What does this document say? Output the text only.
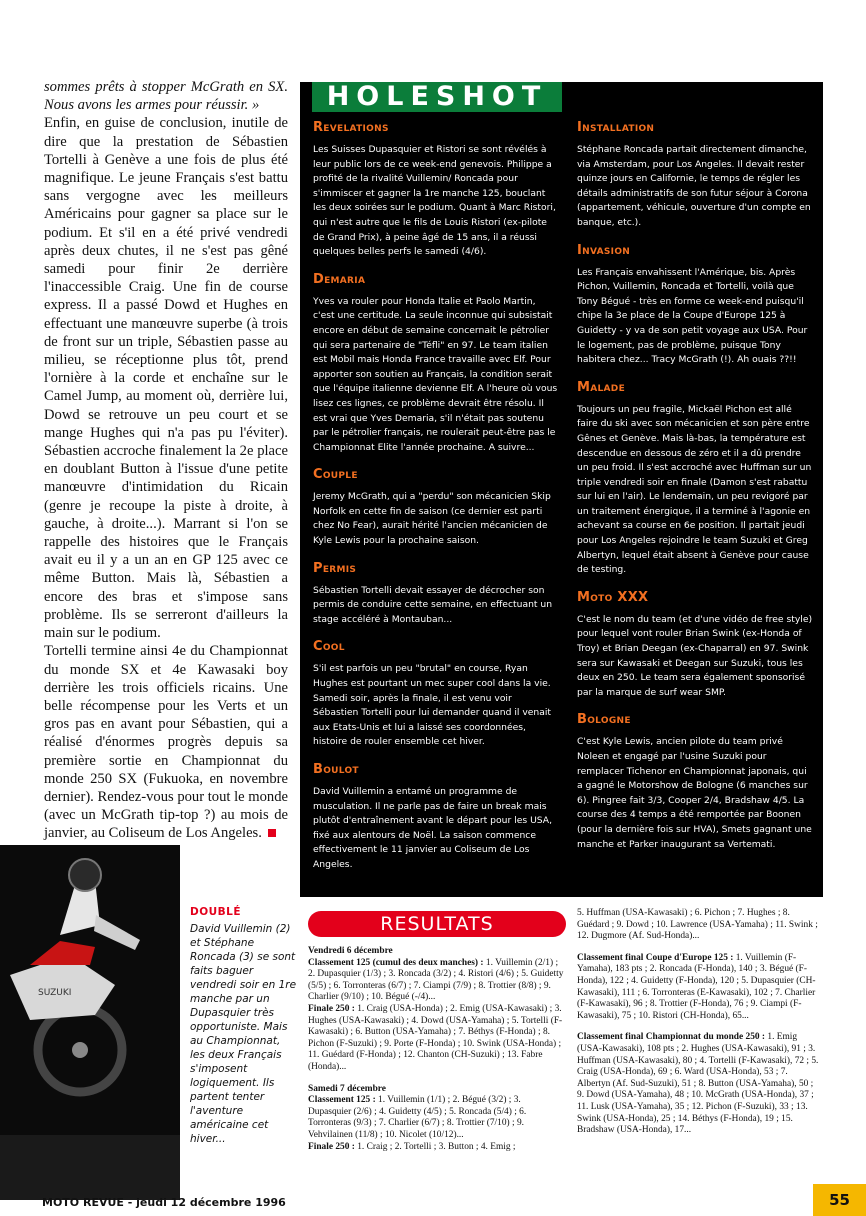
sommes prêts à stopper McGrath en SX. Nous avons les armes pour réussir. »

Enfin, en guise de conclusion, inutile de dire que la prestation de Sébastien Tortelli à Genève a une fois de plus été magnifique. Le jeune Français s'est battu sans vergogne avec les meilleurs Américains pour gagner sa place sur le podium. Et s'il en a été privé vendredi après deux chutes, il ne s'est pas gêné samedi pour finir 2e derrière l'inaccessible Craig. Une fin de course express. Il a passé Dowd et Hughes en effectuant une manœuvre superbe (à trois de front sur un triple, Sébastien passe au milieu, se réceptionne plus tôt, prend l'ornière à la corde et enchaîne sur le Camel Jump, au moment où, derrière lui, Dowd se retrouve un peu court et se mange Hughes qui n'a pas pu l'éviter). Sébastien accroche finalement la 2e place en doublant Button à l'issue d'une petite manœuvre d'intimidation du Ricain (genre je recoupe la piste à droite, à gauche, à droite...). Marrant si l'on se rappelle des histoires que le Français avait eu il y a un an en GP 125 avec ce même Button. Mais là, Sébastien a encore des bras et s'impose sans problème. Ils se serreront d'ailleurs la main sur le podium.

Tortelli termine ainsi 4e du Championnat du monde SX et 4e Kawasaki boy derrière les trois officiels ricains. Une belle récompense pour les Verts et un gros pas en avant pour Sébastien, qui a réalisé d'énormes progrès depuis sa première sortie en Championnat du monde 250 SX (Fukuoka, en novembre dernier). Rendez-vous pour tout le monde (avec un McGrath tip-top ?) au mois de janvier, au Coliseum de Los Angeles.

HOLESHOT
Revelations

Les Suisses Dupasquier et Ristori se sont révélés à leur public lors de ce week-end genevois. Philippe a profité de la rivalité Vuillemin/ Roncada pour s'immiscer et gagner la 1re manche 125, bouclant les deux soirées sur le podium. Quant à Marc Ristori, qui n'est autre que le fils de Louis Ristori (ex-pilote de Grand Prix), à peine âgé de 15 ans, il a réussi quelques belles perfs le samedi (4/6).

Demaria

Yves va rouler pour Honda Italie et Paolo Martin, c'est une certitude. La seule inconnue qui subsistait encore en début de semaine concernait le pétrolier qui sera partenaire de "Téfli" en 97. Le team italien est Mobil mais Honda France travaille avec Elf. Pour apporter son soutien au Français, la condition serait que l'équipe italienne devienne Elf. A l'heure où vous lisez ces lignes, ce problème devrait être résolu. Il est vrai que Yves Demaria, s'il n'était pas soutenu par le pétrolier français, ne roulerait peut-être pas le Championnat Elite l'année prochaine. A suivre...

Couple

Jeremy McGrath, qui a "perdu" son mécanicien Skip Norfolk en cette fin de saison (ce dernier est parti chez No Fear), aurait hérité l'ancien mécanicien de Kyle Lewis pour la prochaine saison.

Permis

Sébastien Tortelli devait essayer de décrocher son permis de conduire cette semaine, en effectuant un stage accéléré à Montauban...

Cool

S'il est parfois un peu "brutal" en course, Ryan Hughes est pourtant un mec super cool dans la vie. Samedi soir, après la finale, il est venu voir Sébastien Tortelli pour lui demander quand il venait aux Etats-Unis et lui a laissé ses coordonnées, histoire de rouler ensemble cet hiver.

Boulot

David Vuillemin a entamé un programme de musculation. Il ne parle pas de faire un break mais plutôt d'entraînement avant le départ pour les USA, fixé aux alentours de Noël. La saison commence effectivement le 11 janvier au Coliseum de Los Angeles.

Installation

Stéphane Roncada partait directement dimanche, via Amsterdam, pour Los Angeles. Il devait rester quinze jours en Californie, le temps de régler les détails administratifs de son futur séjour à Corona (appartement, véhicule, ouverture d'un compte en banque, etc.).

Invasion

Les Français envahissent l'Amérique, bis. Après Pichon, Vuillemin, Roncada et Tortelli, voilà que Tony Bégué - très en forme ce week-end puisqu'il chipe la 3e place de la Coupe d'Europe 125 à Guidetty - y va de son petit voyage aux USA. Pour le logement, pas de problème, puisque Tony habitera chez... Tracy McGrath (!). Ah ouais ??!!

Malade

Toujours un peu fragile, Mickaël Pichon est allé faire du ski avec son mécanicien et son père entre Gênes et Genève. Mais là-bas, la température est descendue en dessous de zéro et il a dû prendre un peu froid. Il s'est accroché avec Huffman sur un triple vendredi soir en finale (Damon s'est rabattu sur lui en l'air). Le lendemain, un peu revigoré par un traitement énergique, il a terminé à l'agonie en achevant sa course en 6e position. Il partait jeudi pour Los Angeles rejoindre le team Suzuki et Greg Albertyn, lequel était absent à Genève pour cause de testing.

Moto XXX

C'est le nom du team (et d'une vidéo de free style) pour lequel vont rouler Brian Swink (ex-Honda of Troy) et Brian Deegan (ex-Chaparral) en 97. Swink sera sur Kawasaki et Deegan sur Suzuki, tous les deux en 250. Le team sera également sponsorisé par la marque de surf wear SMP.

Bologne

C'est Kyle Lewis, ancien pilote du team privé Noleen et engagé par l'usine Suzuki pour remplacer Tichenor en Championnat japonais, qui a gagné le Motorshow de Bologne (6 manches sur 6). Pingree fait 3/3, Cooper 2/4, Bradshaw 4/5. La course des 4 temps a été remportée par Boonen (pour la dernière fois sur HVA), Smets gagnant une manche et Parker inaugurant sa Vertemati.

SUZUKI
DOUBLÉ
David Vuillemin (2) et Stéphane Roncada (3) se sont faits baguer vendredi soir en 1re manche par un Dupasquier très opportuniste. Mais au Championnat, les deux Français s'imposent logiquement. Ils partent tenter l'aventure américaine cet hiver...
RESULTATS

Vendredi 6 décembre
Classement 125 (cumul des deux manches) : 1. Vuillemin (2/1) ; 2. Dupasquier (1/3) ; 3. Roncada (3/2) ; 4. Ristori (4/6) ; 5. Guidetty (5/5) ; 6. Torronteras (6/7) ; 7. Ciampi (7/9) ; 8. Trottier (8/8) ; 9. Charlier (9/10) ; 10. Bégué (-/4)...
Finale 250 : 1. Craig (USA-Honda) ; 2. Emig (USA-Kawasaki) ; 3. Hughes (USA-Kawasaki) ; 4. Dowd (USA-Yamaha) ; 5. Tortelli (F-Kawasaki) ; 6. Button (USA-Yamaha) ; 7. Béthys (F-Honda) ; 8. Pichon (F-Suzuki) ; 9. Porte (F-Honda) ; 10. Swink (USA-Honda) ; 11. Guédard (F-Honda) ; 12. Chanton (CH-Suzuki) ; 13. Fabre (Honda)...

Samedi 7 décembre
Classement 125 : 1. Vuillemin (1/1) ; 2. Bégué (3/2) ; 3. Dupasquier (2/6) ; 4. Guidetty (4/5) ; 5. Roncada (5/4) ; 6. Torronteras (9/3) ; 7. Charlier (6/7) ; 8. Trottier (7/10) ; 9. Vehvilainen (11/8) ; 10. Nicolet (10/12)...
Finale 250 : 1. Craig ; 2. Tortelli ; 3. Button ; 4. Emig ;

5. Huffman (USA-Kawasaki) ; 6. Pichon ; 7. Hughes ; 8. Guédard ; 9. Dowd ; 10. Lawrence (USA-Yamaha) ; 11. Swink ; 12. Dugmore (Af. Sud-Honda)...

Classement final Coupe d'Europe 125 : 1. Vuillemin (F-Yamaha), 183 pts ; 2. Roncada (F-Honda), 140 ; 3. Bégué (F-Honda), 122 ; 4. Guidetty (F-Honda), 120 ; 5. Dupasquier (CH-Kawasaki), 111 ; 6. Torronteras (E-Kawasaki), 102 ; 7. Charlier (F-Kawasaki), 96 ; 8. Trottier (F-Honda), 76 ; 9. Ciampi (F-Kawasaki), 75 ; 10. Ristori (CH-Honda), 65...

Classement final Championnat du monde 250 : 1. Emig (USA-Kawasaki), 108 pts ; 2. Hughes (USA-Kawasaki), 91 ; 3. Huffman (USA-Kawasaki), 80 ; 4. Tortelli (F-Kawasaki), 72 ; 5. Craig (USA-Honda), 69 ; 6. Ward (USA-Honda), 53 ; 7. Albertyn (Af. Sud-Suzuki), 51 ; 8. Button (USA-Yamaha), 50 ; 9. Dowd (USA-Yamaha), 48 ; 10. McGrath (USA-Honda), 37 ; 11. Lusk (USA-Yamaha), 35 ; 12. Pichon (F-Suzuki), 33 ; 13. Swink (USA-Honda), 25 ; 14. Béthys (F-Honda), 19 ; 15. Bradshaw (USA-Honda), 17...

MOTO REVUE - jeudi 12 décembre 1996	55
